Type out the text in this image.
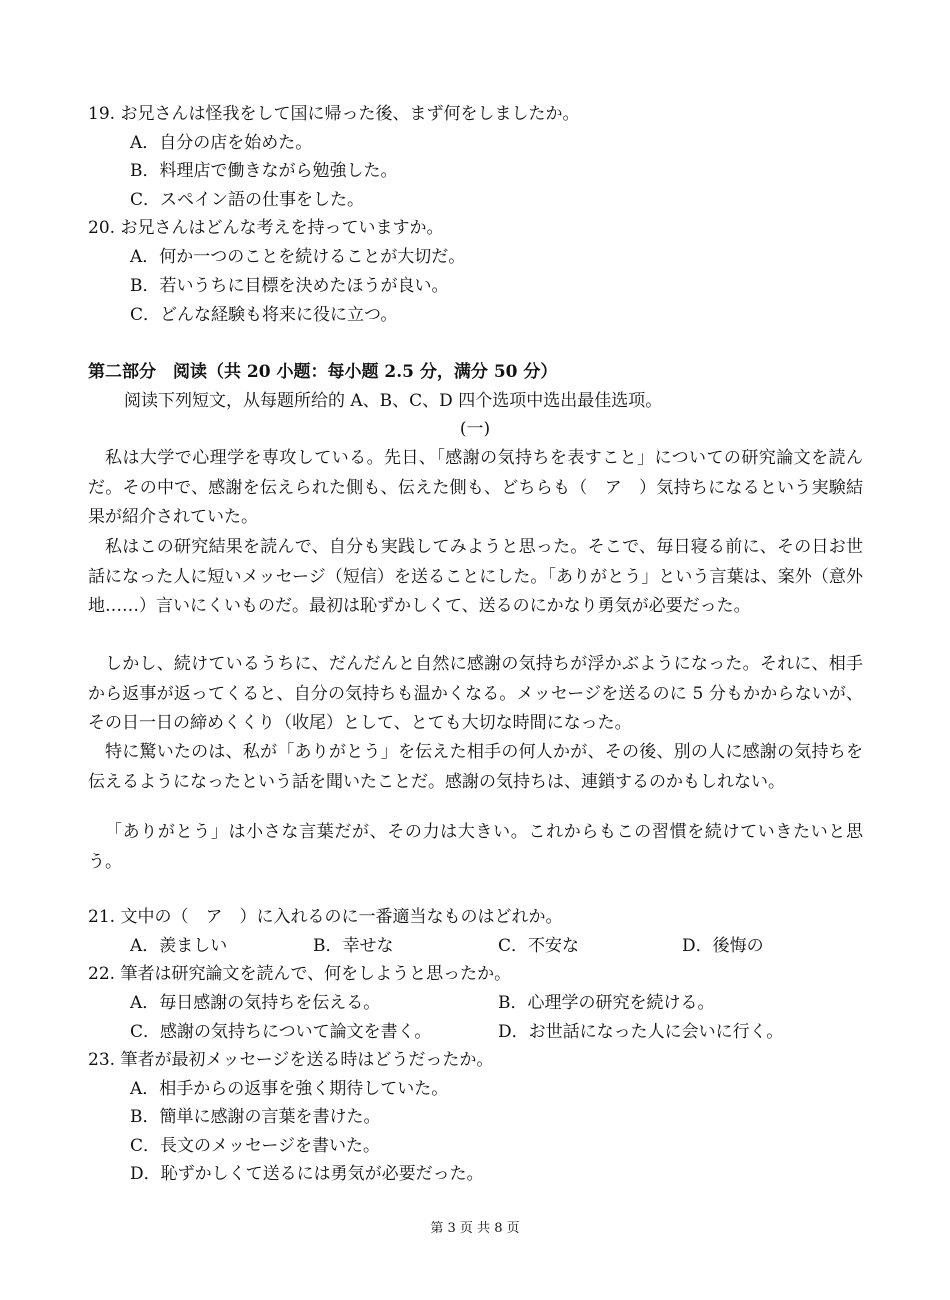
19. お兄さんは怪我をして国に帰った後、まず何をしましたか。
A．自分の店を始めた。
B．料理店で働きながら勉強した。
C．スペイン語の仕事をした。
20. お兄さんはどんな考えを持っていますか。
A．何か一つのことを続けることが大切だ。
B．若いうちに目標を決めたほうが良い。
C．どんな経験も将来に役に立つ。
第二部分　阅读（共 20 小题：每小题 2.5 分，满分 50 分）
阅读下列短文，从每题所给的 A、B、C、D 四个选项中选出最佳选项。
(一)
私は大学で心理学を専攻している。先日、「感謝の気持ちを表すこと」についての研究論文を読んだ。その中で、感謝を伝えられた側も、伝えた側も、どちらも（　ア　）気持ちになるという実験結果が紹介されていた。
私はこの研究結果を読んで、自分も実践してみようと思った。そこで、毎日寝る前に、その日お世話になった人に短いメッセージ（短信）を送ることにした。「ありがとう」という言葉は、案外（意外地……）言いにくいものだ。最初は恥ずかしくて、送るのにかなり勇気が必要だった。
しかし、続けているうちに、だんだんと自然に感謝の気持ちが浮かぶようになった。それに、相手から返事が返ってくると、自分の気持ちも温かくなる。メッセージを送るのに 5 分もかからないが、その日一日の締めくくり（收尾）として、とても大切な時間になった。
特に驚いたのは、私が「ありがとう」を伝えた相手の何人かが、その後、別の人に感謝の気持ちを伝えるようになったという話を聞いたことだ。感謝の気持ちは、連鎖するのかもしれない。
「ありがとう」は小さな言葉だが、その力は大きい。これからもこの習慣を続けていきたいと思う。
21. 文中の（　ア　）に入れるのに一番適当なものはどれか。
A．羨ましい	B．幸せな	C．不安な	D．後悔の
22. 筆者は研究論文を読んで、何をしようと思ったか。
A．毎日感謝の気持ちを伝える。	B．心理学の研究を続ける。
C．感謝の気持ちについて論文を書く。	D．お世話になった人に会いに行く。
23. 筆者が最初メッセージを送る時はどうだったか。
A．相手からの返事を強く期待していた。
B．簡単に感謝の言葉を書けた。
C．長文のメッセージを書いた。
D．恥ずかしくて送るには勇気が必要だった。
第 3 页 共 8 页
